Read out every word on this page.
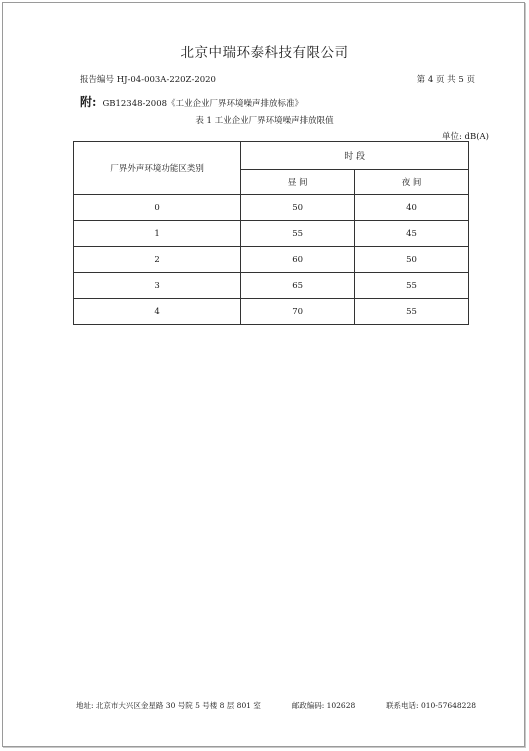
北京中瑞环泰科技有限公司
报告编号 HJ-04-003A-220Z-2020	第 4 页 共 5 页
附: GB12348-2008《工业企业厂界环境噪声排放标准》
表 1 工业企业厂界环境噪声排放限值
单位: dB(A)
厂界外声环境功能区类别	时 段	
	昼 间	夜 间
0	50	40
1	55	45
2	60	50
3	65	55
4	70	55
地址: 北京市大兴区金星路 30 号院 5 号楼 8 层 801 室	邮政编码: 102628	联系电话: 010-57648228
